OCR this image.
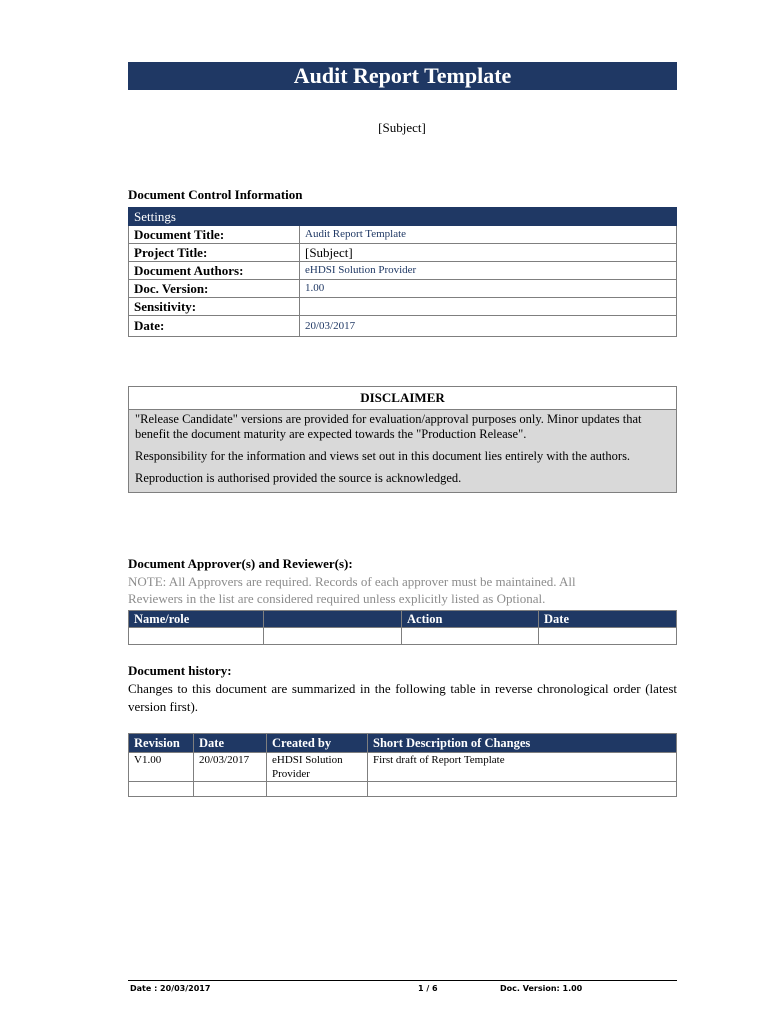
Audit Report Template
[Subject]
Document Control Information
Settings	
Document Title:	Audit Report Template
Project Title:	[Subject]
Document Authors:	eHDSI Solution Provider
Doc. Version:	1.00
Sensitivity:	
Date:	20/03/2017
DISCLAIMER

"Release Candidate" versions are provided for evaluation/approval purposes only. Minor updates that benefit the document maturity are expected towards the "Production Release".

Responsibility for the information and views set out in this document lies entirely with the authors.

Reproduction is authorised provided the source is acknowledged.

Document Approver(s) and Reviewer(s):
NOTE: All Approvers are required. Records of each approver must be maintained. All Reviewers in the list are considered required unless explicitly listed as Optional.
Name/role		Action	Date

Document history:
Changes to this document are summarized in the following table in reverse chronological order (latest version first).
Revision	Date	Created by	Short Description of Changes
V1.00	20/03/2017	eHDSI Solution Provider	First draft of Report Template

Date : 20/03/2017	1 / 6	Doc. Version: 1.00
